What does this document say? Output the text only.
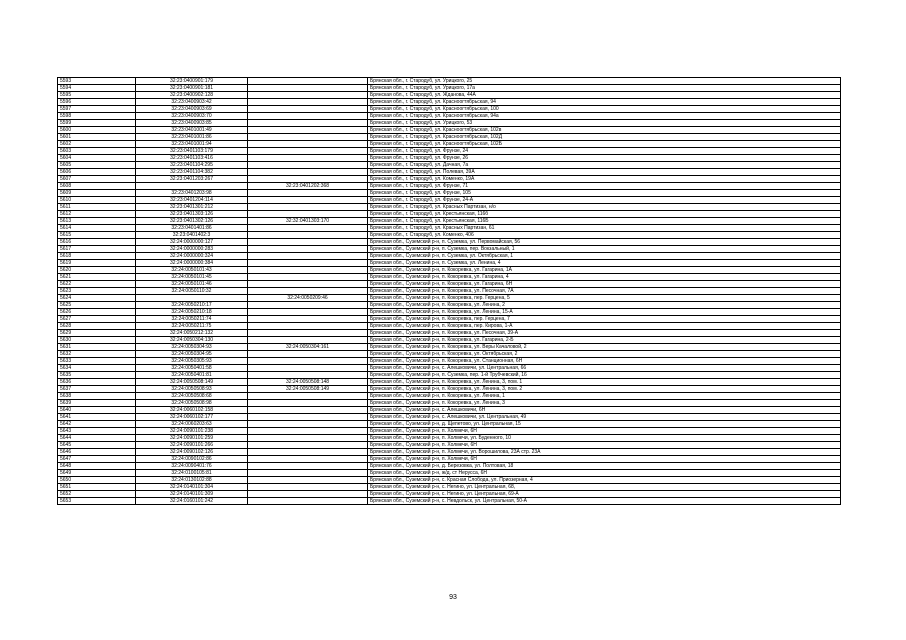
5593	32:23:0400901:179		Брянская обл., г. Стародуб, ул. Урицкого, 25
5594	32:23:0400901:181		Брянская обл., г. Стародуб, ул. Урицкого, 17а
5595	32:23:0400902:128		Брянская обл., г. Стародуб, ул. Жданова, 44А
5596	32:23:0400903:42		Брянская обл., г. Стародуб, ул. Красноогтябрьская, 94
5597	32:23:0400903:69		Брянская обл., г. Стародуб, ул. Красноогтябрьская, 100
5598	32:23:0400903:70		Брянская обл., г. Стародуб, ул. Красноогтябрьская, 94а
5599	32:23:0400903:85		Брянская обл., г. Стародуб, ул. Урицкого, 53
5600	32:23:0401001:49		Брянская обл., г. Стародуб, ул. Красноогтябрьская, 102в
5601	32:23:0401001:86		Брянская обл., г. Стародуб, ул. Красноогтябрьская, 102Д
5602	32:23:0401001:94		Брянская обл., г. Стародуб, ул. Красноогтябрьская, 102Б
5603	32:23:0401103:179		Брянская обл., г. Стародуб, ул. Фрунзе, 24
5604	32:23:0401103:416		Брянская обл., г. Стародуб, ул. Фрунзе, 26
5605	32:23:0401104:295		Брянская обл., г. Стародуб, ул. Дачная, 7а
5606	32:23:0401104:382		Брянская обл., г. Стародуб, ул. Полевая, 39А
5607	32:23:0401203:267		Брянская обл., г. Стародуб, ул. Коменко, 19А
5608		32:23:0401202:368	Брянская обл., г. Стародуб, ул. Фрунзе, 71
5609	32:23:0401203:98		Брянская обл., г. Стародуб, ул. Фрунзе, 105
5610	32:23:0401204:114		Брянская обл., г. Стародуб, ул. Фрунзе, 24-А
5611	32:23:0401301:212		Брянская обл., г. Стародуб, ул. Красных Партизан, н/о
5612	32:23:0401303:126		Брянская обл., г. Стародуб, ул. Крестьянская, 116б
5613	32:23:0401302:126	32:32:0401303:170	Брянская обл., г. Стародуб, ул. Крестьянская, 116Б
5614	32:23:0401401:86		Брянская обл., г. Стародуб, ул. Красных Партизан, 61
5615	32:23:0401402:3		Брянская обл., г. Стародуб, ул. Коменко, 406
5616	32:24:0000000:127		Брянская обл., Суземский р-н, п. Суземка, ул. Первомайская, 56
5617	32:24:0000000:283		Брянская обл., Суземский р-н, п. Суземка, пер. Вокзальный, 1
5618	32:24:0000000:324		Брянская обл., Суземский р-н, п. Суземка, ул. Октябрьская, 1
5619	32:24:0000000:384		Брянская обл., Суземский р-н, п. Суземка, ул. Ленина, 4
5620	32:24:0050101:43		Брянская обл., Суземский р-н, п. Кокоревка, ул. Гагарина, 1А
5621	32:24:0050101:45		Брянская обл., Суземский р-н, п. Кокоревка, ул. Гагарина, 4
5622	32:24:0050101:46		Брянская обл., Суземский р-н, п. Кокоревка, ул. Гагарина, 6Н
5623	32:24:0050110:32		Брянская обл., Суземский р-н, п. Кокоревка, ул. Песочная, 7А
5624		32:24:0050209:46	Брянская обл., Суземский р-н, п. Кокоревка, пер. Герцена, 5
5625	32:24:0050210:17		Брянская обл., Суземский р-н, п. Кокоревка, ул. Ленина, 2
5626	32:24:0050210:18		Брянская обл., Суземский р-н, п. Кокоревка, ул. Ленина, 15-А
5627	32:24:0050211:74		Брянская обл., Суземский р-н, п. Кокоревка, пер. Герцена, 7
5628	32:24:0050211:75		Брянская обл., Суземский р-н, п. Кокоревка, пер. Кирова, 1-А
5629	32:24:0050212:132		Брянская обл., Суземский р-н, п. Кокоревка, ул. Песочная, 39-А
5630	32:24:0050304:130		Брянская обл., Суземский р-н, п. Кокоревка, ул. Гагарина, 2-Б
5631	32:24:0050304:93	32:24:0050304:161	Брянская обл., Суземский р-н, п. Кокоревка, ул. Веры Качаловой, 2
5632	32:24:0050304:95		Брянская обл., Суземский р-н, п. Кокоревка, ул. Октябрьская, 2
5633	32:24:0050305:93		Брянская обл., Суземский р-н, п. Кокоревка, ул. Станционная, 6Н
5634	32:24:0050401:58		Брянская обл., Суземский р-н, с. Алешковичи, ул. Центральная, 66
5635	32:24:0050401:81		Брянская обл., Суземский р-н, п. Суземка, пер. 1-й Трубчевский, 16
5636	32:24:0050508:149	32:24:0050508:148	Брянская обл., Суземский р-н, п. Кокоревка, ул. Ленина, 3, пом. 1
5637	32:24:0050508:93	32:24:0050508:149	Брянская обл., Суземский р-н, п. Кокоревка, ул. Ленина, 3, пом. 2
5638	32:24:0050508:68		Брянская обл., Суземский р-н, п. Кокоревка, ул. Ленина, 1
5639	32:24:0050508:98		Брянская обл., Суземский р-н, п. Кокоревка, ул. Ленина, 3
5640	32:24:0060102:158		Брянская обл., Суземский р-н, с. Алешковичи, 6Н
5641	32:24:0060102:177		Брянская обл., Суземский р-н, с. Алешковичи, ул. Центральная, 49
5642	32:24:0060203:63		Брянская обл., Суземский р-н, д. Щепетово, ул. Центральная, 15
5643	32:24:0090101:238		Брянская обл., Суземский р-н, п. Холмечи, 6Н
5644	32:24:0090101:259		Брянская обл., Суземский р-н, п. Холмечи, ул. Буденного, 10
5645	32:24:0090101:266		Брянская обл., Суземский р-н, п. Холмечи, 6Н
5646	32:24:0090102:126		Брянская обл., Суземский р-н, п. Холмечи, ул. Ворошилова, 23А стр. 23А
5647	32:24:0090102:86		Брянская обл., Суземский р-н, п. Холмечи, 6Н
5648	32:24:0090401:76		Брянская обл., Суземский р-н, д. Березовка, ул. Полтовая, 18
5649	32:24:0100105:81		Брянская обл., Суземский р-н, ж/д. ст Нерусса, 6Н
5650	32:24:0130102:88		Брянская обл., Суземский р-н, с. Красная Слобода, ул. Приозерная, 4
5651	32:24:0140101:304		Брянская обл., Суземский р-н, с. Негино, ул. Центральная, 68,
5652	32:24:0140101:309		Брянская обл., Суземский р-н, с. Негино, ул. Центральная, 69-А
5653	32:24:0160101:242		Брянская обл., Суземский р-н, с. Невдольск, ул. Центральная, 50-А
93
